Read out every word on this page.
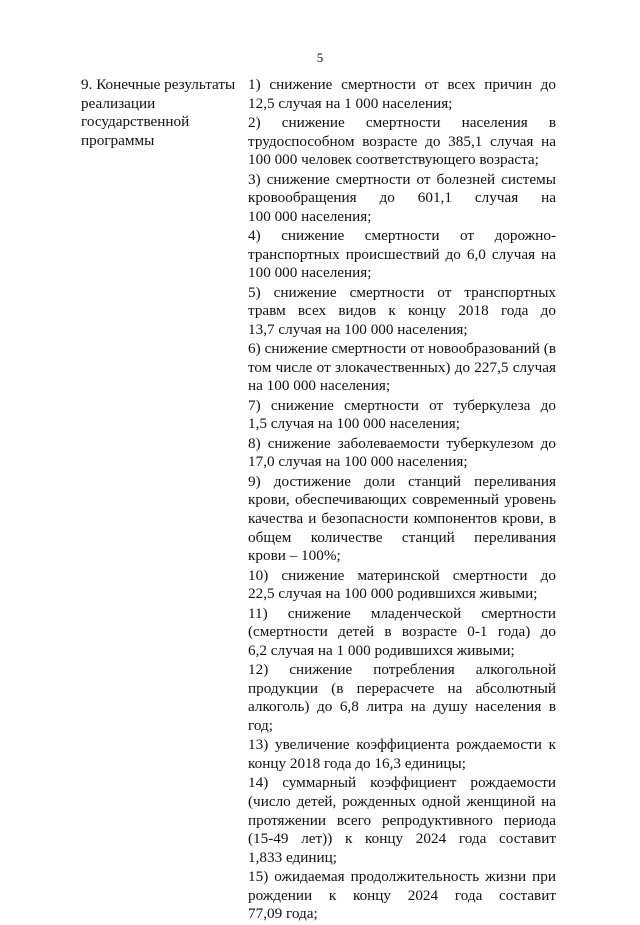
5
9. Конечные результаты
реализации
государственной
программы
1) снижение смертности от всех причин до
12,5 случая на 1 000 населения;
2) снижение смертности населения в
трудоспособном возрасте до 385,1 случая на
100 000 человек соответствующего возраста;
3) снижение смертности от болезней системы
кровообращения до 601,1 случая на
100 000 населения;
4) снижение смертности от дорожно-
транспортных происшествий до 6,0 случая на
100 000 населения;
5) снижение смертности от транспортных
травм всех видов к концу 2018 года до
13,7 случая на 100 000 населения;
6) снижение смертности от новообразований (в
том числе от злокачественных) до 227,5 случая
на 100 000 населения;
7) снижение смертности от туберкулеза до
1,5 случая на 100 000 населения;
8) снижение заболеваемости туберкулезом до
17,0 случая на 100 000 населения;
9) достижение доли станций переливания
крови, обеспечивающих современный уровень
качества и безопасности компонентов крови, в
общем количестве станций переливания
крови – 100%;
10) снижение материнской смертности до
22,5 случая на 100 000 родившихся живыми;
11) снижение младенческой смертности
(смертности детей в возрасте 0-1 года) до
6,2 случая на 1 000 родившихся живыми;
12) снижение потребления алкогольной
продукции (в перерасчете на абсолютный
алкоголь) до 6,8 литра на душу населения в
год;
13) увеличение коэффициента рождаемости к
концу 2018 года до 16,3 единицы;
14) суммарный коэффициент рождаемости
(число детей, рожденных одной женщиной на
протяжении всего репродуктивного периода
(15-49 лет)) к концу 2024 года составит
1,833 единиц;
15) ожидаемая продолжительность жизни при
рождении к концу 2024 года составит
77,09 года;
